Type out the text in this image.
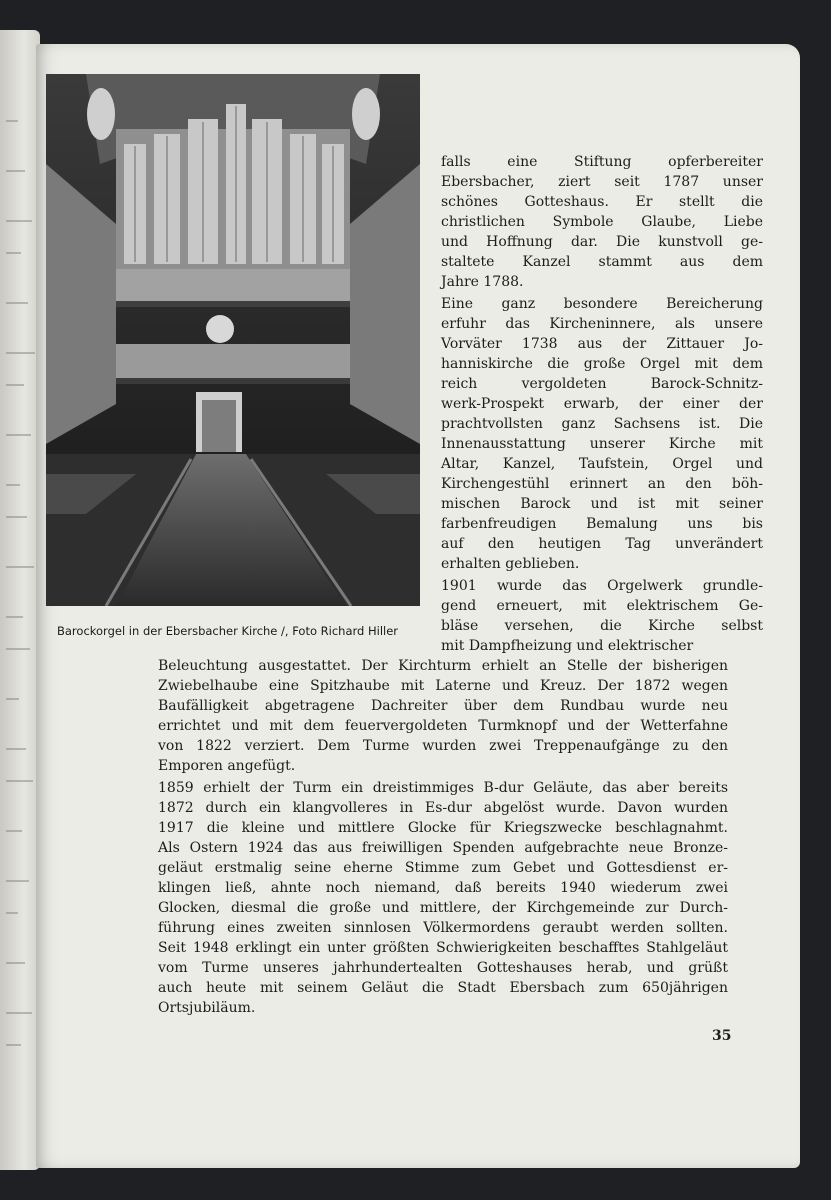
Barockorgel in der Ebersbacher Kirche /, Foto Richard Hiller
falls eine Stiftung opferbereiter
Ebersbacher, ziert seit 1787 unser
schönes Gotteshaus. Er stellt die
christlichen Symbole Glaube, Liebe
und Hoffnung dar. Die kunstvoll ge-
staltete Kanzel stammt aus dem
Jahre 1788.
Eine ganz besondere Bereicherung
erfuhr das Kircheninnere, als unsere
Vorväter 1738 aus der Zittauer Jo-
hanniskirche die große Orgel mit dem
reich vergoldeten Barock-Schnitz-
werk-Prospekt erwarb, der einer der
prachtvollsten ganz Sachsens ist. Die
Innenausstattung unserer Kirche mit
Altar, Kanzel, Taufstein, Orgel und
Kirchengestühl erinnert an den böh-
mischen Barock und ist mit seiner
farbenfreudigen Bemalung uns bis
auf den heutigen Tag unverändert
erhalten geblieben.
1901 wurde das Orgelwerk grundle-
gend erneuert, mit elektrischem Ge-
bläse versehen, die Kirche selbst
mit Dampfheizung und elektrischer
Beleuchtung ausgestattet. Der Kirchturm erhielt an Stelle der bisherigen
Zwiebelhaube eine Spitzhaube mit Laterne und Kreuz. Der 1872 wegen
Baufälligkeit abgetragene Dachreiter über dem Rundbau wurde neu
errichtet und mit dem feuervergoldeten Turmknopf und der Wetterfahne
von 1822 verziert. Dem Turme wurden zwei Treppenaufgänge zu den
Emporen angefügt.
1859 erhielt der Turm ein dreistimmiges B-dur Geläute, das aber bereits
1872 durch ein klangvolleres in Es-dur abgelöst wurde. Davon wurden
1917 die kleine und mittlere Glocke für Kriegszwecke beschlagnahmt.
Als Ostern 1924 das aus freiwilligen Spenden aufgebrachte neue Bronze-
geläut erstmalig seine eherne Stimme zum Gebet und Gottesdienst er-
klingen ließ, ahnte noch niemand, daß bereits 1940 wiederum zwei
Glocken, diesmal die große und mittlere, der Kirchgemeinde zur Durch-
führung eines zweiten sinnlosen Völkermordens geraubt werden sollten.
Seit 1948 erklingt ein unter größten Schwierigkeiten beschafftes Stahlgeläut
vom Turme unseres jahrhundertealten Gotteshauses herab, und grüßt
auch heute mit seinem Geläut die Stadt Ebersbach zum 650jährigen
Ortsjubiläum.
35
